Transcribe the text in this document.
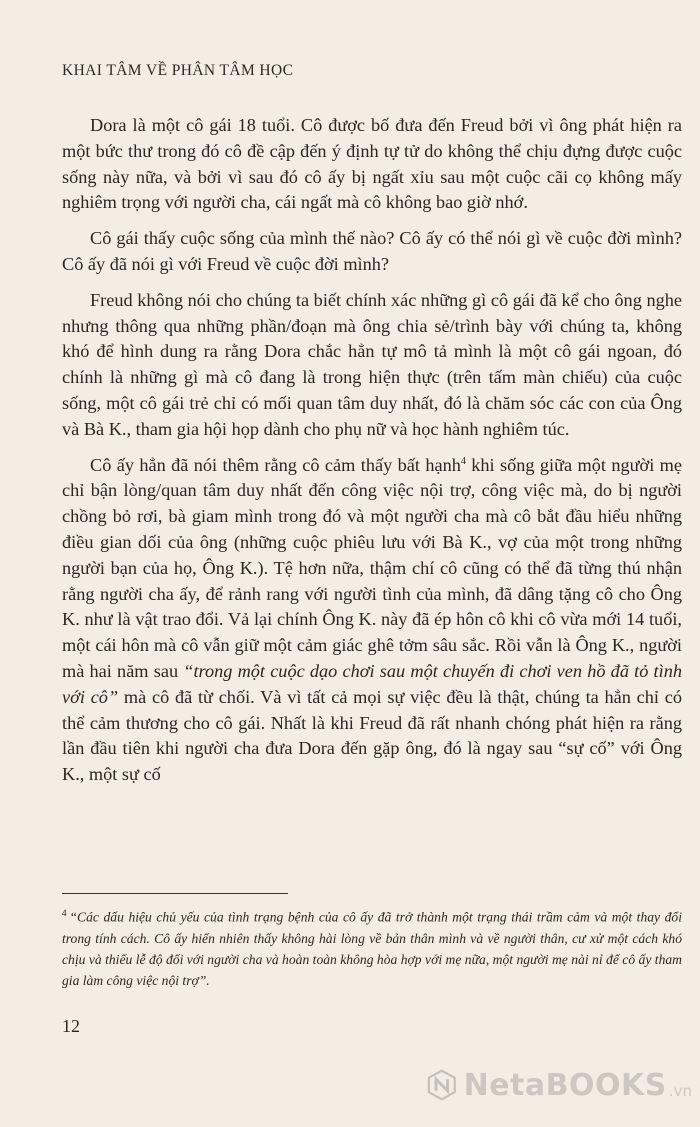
KHAI TÂM VỀ PHÂN TÂM HỌC

Dora là một cô gái 18 tuổi. Cô được bố đưa đến Freud bởi vì ông phát hiện ra một bức thư trong đó cô đề cập đến ý định tự tử do không thể chịu đựng được cuộc sống này nữa, và bởi vì sau đó cô ấy bị ngất xỉu sau một cuộc cãi cọ không mấy nghiêm trọng với người cha, cái ngất mà cô không bao giờ nhớ.

Cô gái thấy cuộc sống của mình thế nào? Cô ấy có thể nói gì về cuộc đời mình? Cô ấy đã nói gì với Freud về cuộc đời mình?

Freud không nói cho chúng ta biết chính xác những gì cô gái đã kể cho ông nghe nhưng thông qua những phần/đoạn mà ông chia sẻ/trình bày với chúng ta, không khó để hình dung ra rằng Dora chắc hẳn tự mô tả mình là một cô gái ngoan, đó chính là những gì mà cô đang là trong hiện thực (trên tấm màn chiếu) của cuộc sống, một cô gái trẻ chỉ có mối quan tâm duy nhất, đó là chăm sóc các con của Ông và Bà K., tham gia hội họp dành cho phụ nữ và học hành nghiêm túc.

Cô ấy hẳn đã nói thêm rằng cô cảm thấy bất hạnh$^4$ khi sống giữa một người mẹ chỉ bận lòng/quan tâm duy nhất đến công việc nội trợ, công việc mà, do bị người chồng bỏ rơi, bà giam mình trong đó và một người cha mà cô bắt đầu hiểu những điều gian dối của ông (những cuộc phiêu lưu với Bà K., vợ của một trong những người bạn của họ, Ông K.). Tệ hơn nữa, thậm chí cô cũng có thể đã từng thú nhận rằng người cha ấy, để rảnh rang với người tình của mình, đã dâng tặng cô cho Ông K. như là vật trao đổi. Vả lại chính Ông K. này đã ép hôn cô khi cô vừa mới 14 tuổi, một cái hôn mà cô vẫn giữ một cảm giác ghê tởm sâu sắc. Rồi vẫn là Ông K., người mà hai năm sau “trong một cuộc dạo chơi sau một chuyến đi chơi ven hồ đã tỏ tình với cô” mà cô đã từ chối. Và vì tất cả mọi sự việc đều là thật, chúng ta hẳn chỉ có thể cảm thương cho cô gái. Nhất là khi Freud đã rất nhanh chóng phát hiện ra rằng lần đầu tiên khi người cha đưa Dora đến gặp ông, đó là ngay sau “sự cố” với Ông K., một sự cố

$^4$ “Các dấu hiệu chủ yếu của tình trạng bệnh của cô ấy đã trở thành một trạng thái trầm cảm và một thay đổi trong tính cách. Cô ấy hiển nhiên thấy không hài lòng về bản thân mình và về người thân, cư xử một cách khó chịu và thiếu lễ độ đối với người cha và hoàn toàn không hòa hợp với mẹ nữa, một người mẹ nài nỉ để cô ấy tham gia làm công việc nội trợ”.
12
NetaBOOKS .vn
